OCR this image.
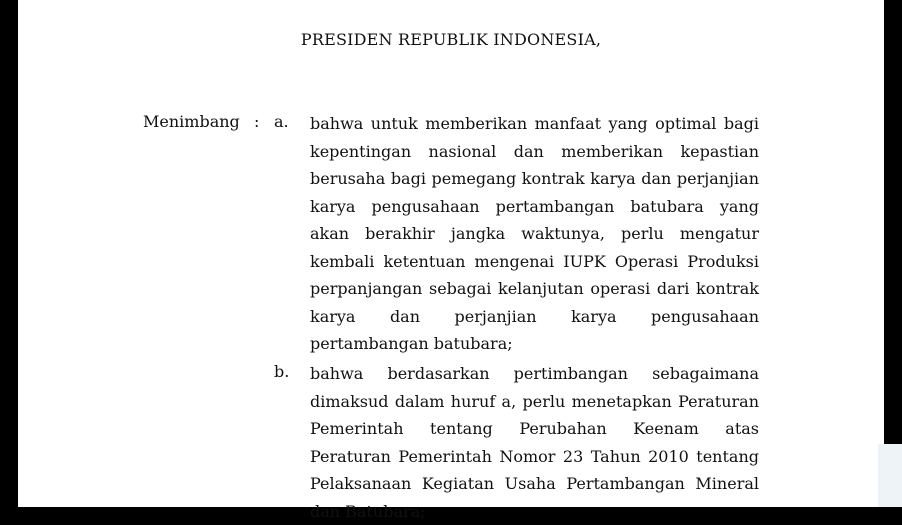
PRESIDEN REPUBLIK INDONESIA,
Menimbang : a. bahwa untuk memberikan manfaat yang optimal bagi kepentingan nasional dan memberikan kepastian berusaha bagi pemegang kontrak karya dan perjanjian karya pengusahaan pertambangan batubara yang akan berakhir jangka waktunya, perlu mengatur kembali ketentuan mengenai IUPK Operasi Produksi perpanjangan sebagai kelanjutan operasi dari kontrak karya dan perjanjian karya pengusahaan pertambangan batubara;

b. bahwa berdasarkan pertimbangan sebagaimana dimaksud dalam huruf a, perlu menetapkan Peraturan Pemerintah tentang Perubahan Keenam atas Peraturan Pemerintah Nomor 23 Tahun 2010 tentang Pelaksanaan Kegiatan Usaha Pertambangan Mineral dan Batubara;
